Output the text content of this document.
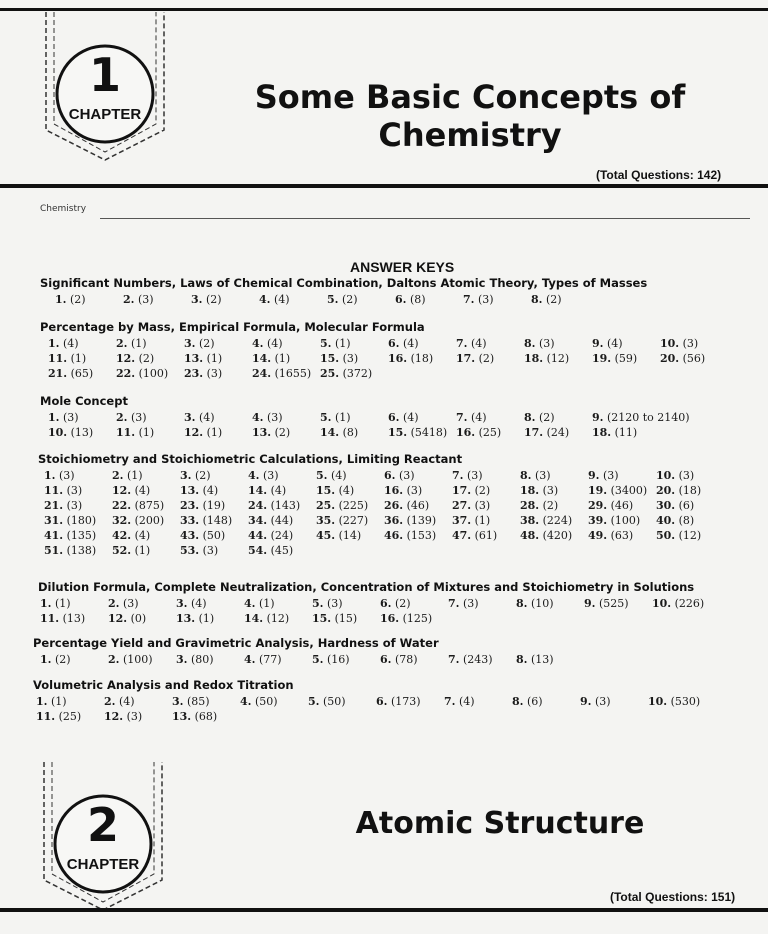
1
CHAPTER	Some Basic Concepts of
Chemistry
(Total Questions: 142)
Chemistry
ANSWER KEYS
Significant Numbers, Laws of Chemical Combination, Daltons Atomic Theory, Types of Masses
1. (2)	2. (3)	3. (2)	4. (4)	5. (2)	6. (8)	7. (3)	8. (2)
Percentage by Mass, Empirical Formula, Molecular Formula
1. (4)	2. (1)	3. (2)	4. (4)	5. (1)	6. (4)	7. (4)	8. (3)	9. (4)	10. (3)
11. (1)	12. (2)	13. (1)	14. (1)	15. (3)	16. (18)	17. (2)	18. (12)	19. (59)	20. (56)
21. (65)	22. (100)	23. (3)	24. (1655) 25. (372)
Mole Concept
1. (3)	2. (3)	3. (4)	4. (3)	5. (1)	6. (4)	7. (4)	8. (2)	9. (2120 to 2140)
10. (13)	11. (1)	12. (1)	13. (2)	14. (8)	15. (5418) 16. (25)	17. (24)	18. (11)
Stoichiometry and Stoichiometric Calculations, Limiting Reactant
1. (3)	2. (1)	3. (2)	4. (3)	5. (4)	6. (3)	7. (3)	8. (3)	9. (3)	10. (3)
11. (3)	12. (4)	13. (4)	14. (4)	15. (4)	16. (3)	17. (2)	18. (3)	19. (3400) 20. (18)
21. (3)	22. (875)	23. (19)	24. (143)	25. (225)	26. (46)	27. (3)	28. (2)	29. (46)	30. (6)
31. (180)	32. (200)	33. (148)	34. (44)	35. (227)	36. (139)	37. (1)	38. (224)	39. (100)	40. (8)
41. (135)	42. (4)	43. (50)	44. (24)	45. (14)	46. (153)	47. (61)	48. (420)	49. (63)	50. (12)
51. (138)	52. (1)	53. (3)	54. (45)
Dilution Formula, Complete Neutralization, Concentration of Mixtures and Stoichiometry in Solutions
1. (1)	2. (3)	3. (4)	4. (1)	5. (3)	6. (2)	7. (3)	8. (10)	9. (525)	10. (226)
11. (13)	12. (0)	13. (1)	14. (12)	15. (15)	16. (125)
Percentage Yield and Gravimetric Analysis, Hardness of Water
1. (2)	2. (100)	3. (80)	4. (77)	5. (16)	6. (78)	7. (243)	8. (13)
Volumetric Analysis and Redox Titration
1. (1)	2. (4)	3. (85)	4. (50)	5. (50)	6. (173)	7. (4)	8. (6)	9. (3)	10. (530)
11. (25)	12. (3)	13. (68)
2
CHAPTER
Atomic Structure
(Total Questions: 151)
